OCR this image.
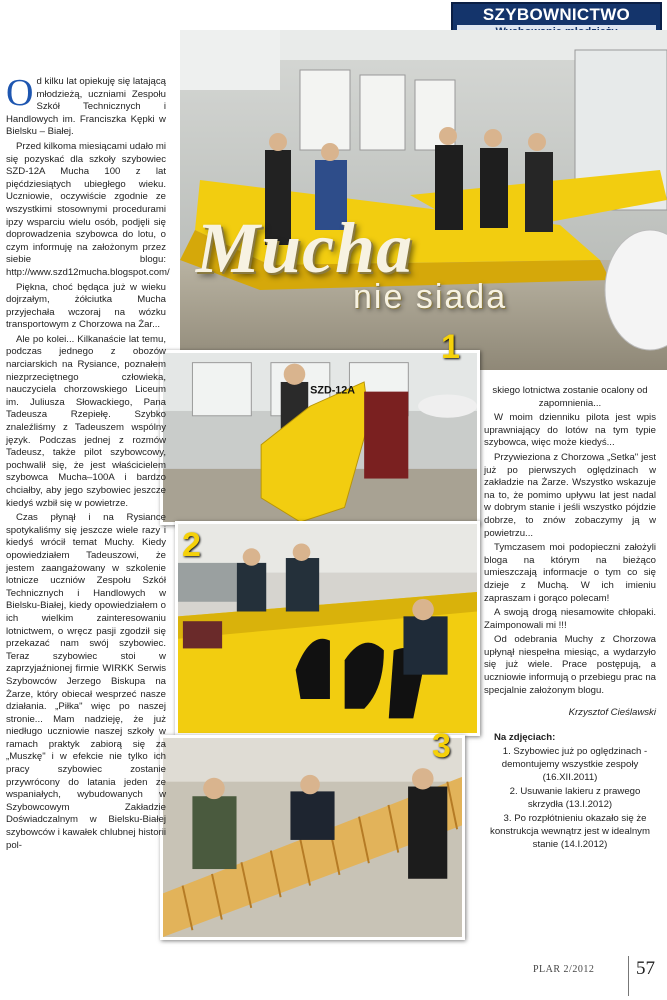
SZYBOWNICTWO
Mucha
nie siada
SZD-12A
1
2
3

Od kilku lat opiekuję się latającą młodzieżą, uczniami Zespołu Szkół Technicznych i Handlowych im. Franciszka Kępki w Bielsku – Białej.

Przed kilkoma miesiącami udało mi się pozyskać dla szkoły szybowiec SZD-12A Mucha 100 z lat pięćdziesiątych ubiegłego wieku. Uczniowie, oczywiście zgodnie ze wszystkimi stosownymi procedurami ipzy wsparciu wielu osób, podjęli się doprowadzenia szybowca do lotu, o czym informuję na założonym przez siebie blogu: http://www.szd12mucha.blogspot.com/

Piękna, choć będąca już w wieku dojrzałym, żółciutka Mucha przyjechała wczoraj na wózku transportowym z Chorzowa na Żar...

Ale po kolei... Kilkanaście lat temu, podczas jednego z obozów narciarskich na Rysiance, poznałem niezprzeciętnego człowieka, nauczyciela chorzowskiego Liceum im. Juliusza Słowackiego, Pana Tadeusza Rzepiełę. Szybko znaleźliśmy z Tadeuszem wspólny język. Podczas jednej z rozmów Tadeusz, także pilot szybowcowy, pochwalił się, że jest właścicielem szybowca Mucha–100A i bardzo chciałby, aby jego szybowiec jeszcze kiedyś wzbił się w powietrze.

Czas płynął i na Rysiance spotykaliśmy się jeszcze wiele razy i kiedyś wrócił temat Muchy. Kiedy opowiedziałem Tadeuszowi, że jestem zaangażowany w szkolenie lotnicze uczniów Zespołu Szkół Technicznych i Handlowych w Bielsku-Białej, kiedy opowiedziałem o ich wielkim zainteresowaniu lotnictwem, o wręcz pasji zgodził się przekazać nam swój szybowiec. Teraz szybowiec stoi w zaprzyjaźnionej firmie WIRKK Serwis Szybowców Jerzego Biskupa na Żarze, który obiecał wesprzeć nasze działania. „Piłka" więc po naszej stronie... Mam nadzieję, że już niedługo uczniowie naszej szkoły w ramach praktyk zabiorą się za „Muszkę" i w efekcie nie tylko ich pracy szybowiec zostanie przywrócony do latania jeden ze wspaniałych, wybudowanych w Szybowcowym Zakładzie Doświadczalnym w Bielsku-Białej szybowców i kawałek chlubnej historii pol-

skiego lotnictwa zostanie ocalony od zapomnienia...

W moim dzienniku pilota jest wpis uprawniający do lotów na tym typie szybowca, więc może kiedyś...

Przywieziona z Chorzowa „Setka" jest już po pierwszych oględzinach w zakładzie na Żarze. Wszystko wskazuje na to, że pomimo upływu lat jest nadal w dobrym stanie i jeśli wszystko pójdzie dobrze, to znów zobaczymy ją w powietrzu...

Tymczasem moi podopieczni założyli bloga na którym na bieżąco umieszczają informacje o tym co się dzieje z Muchą. W ich imieniu zapraszam i gorąco polecam!

A swoją drogą niesamowite chłopaki. Zaimponowali mi !!!

Od odebrania Muchy z Chorzowa upłynął niespełna miesiąc, a wydarzyło się już wiele. Prace postępują, a uczniowie informują o przebiegu prac na specjalnie założonym blogu.

Krzysztof Cieślawski

Na zdjęciach:

1. Szybowiec już po oględzinach - demontujemy wszystkie zespoły (16.XII.2011)

2. Usuwanie lakieru z prawego skrzydła (13.I.2012)

3. Po rozpłótnieniu okazało się że konstrukcja wewnątrz jest w idealnym stanie (14.I.2012)

PLAR 2/2012 57
